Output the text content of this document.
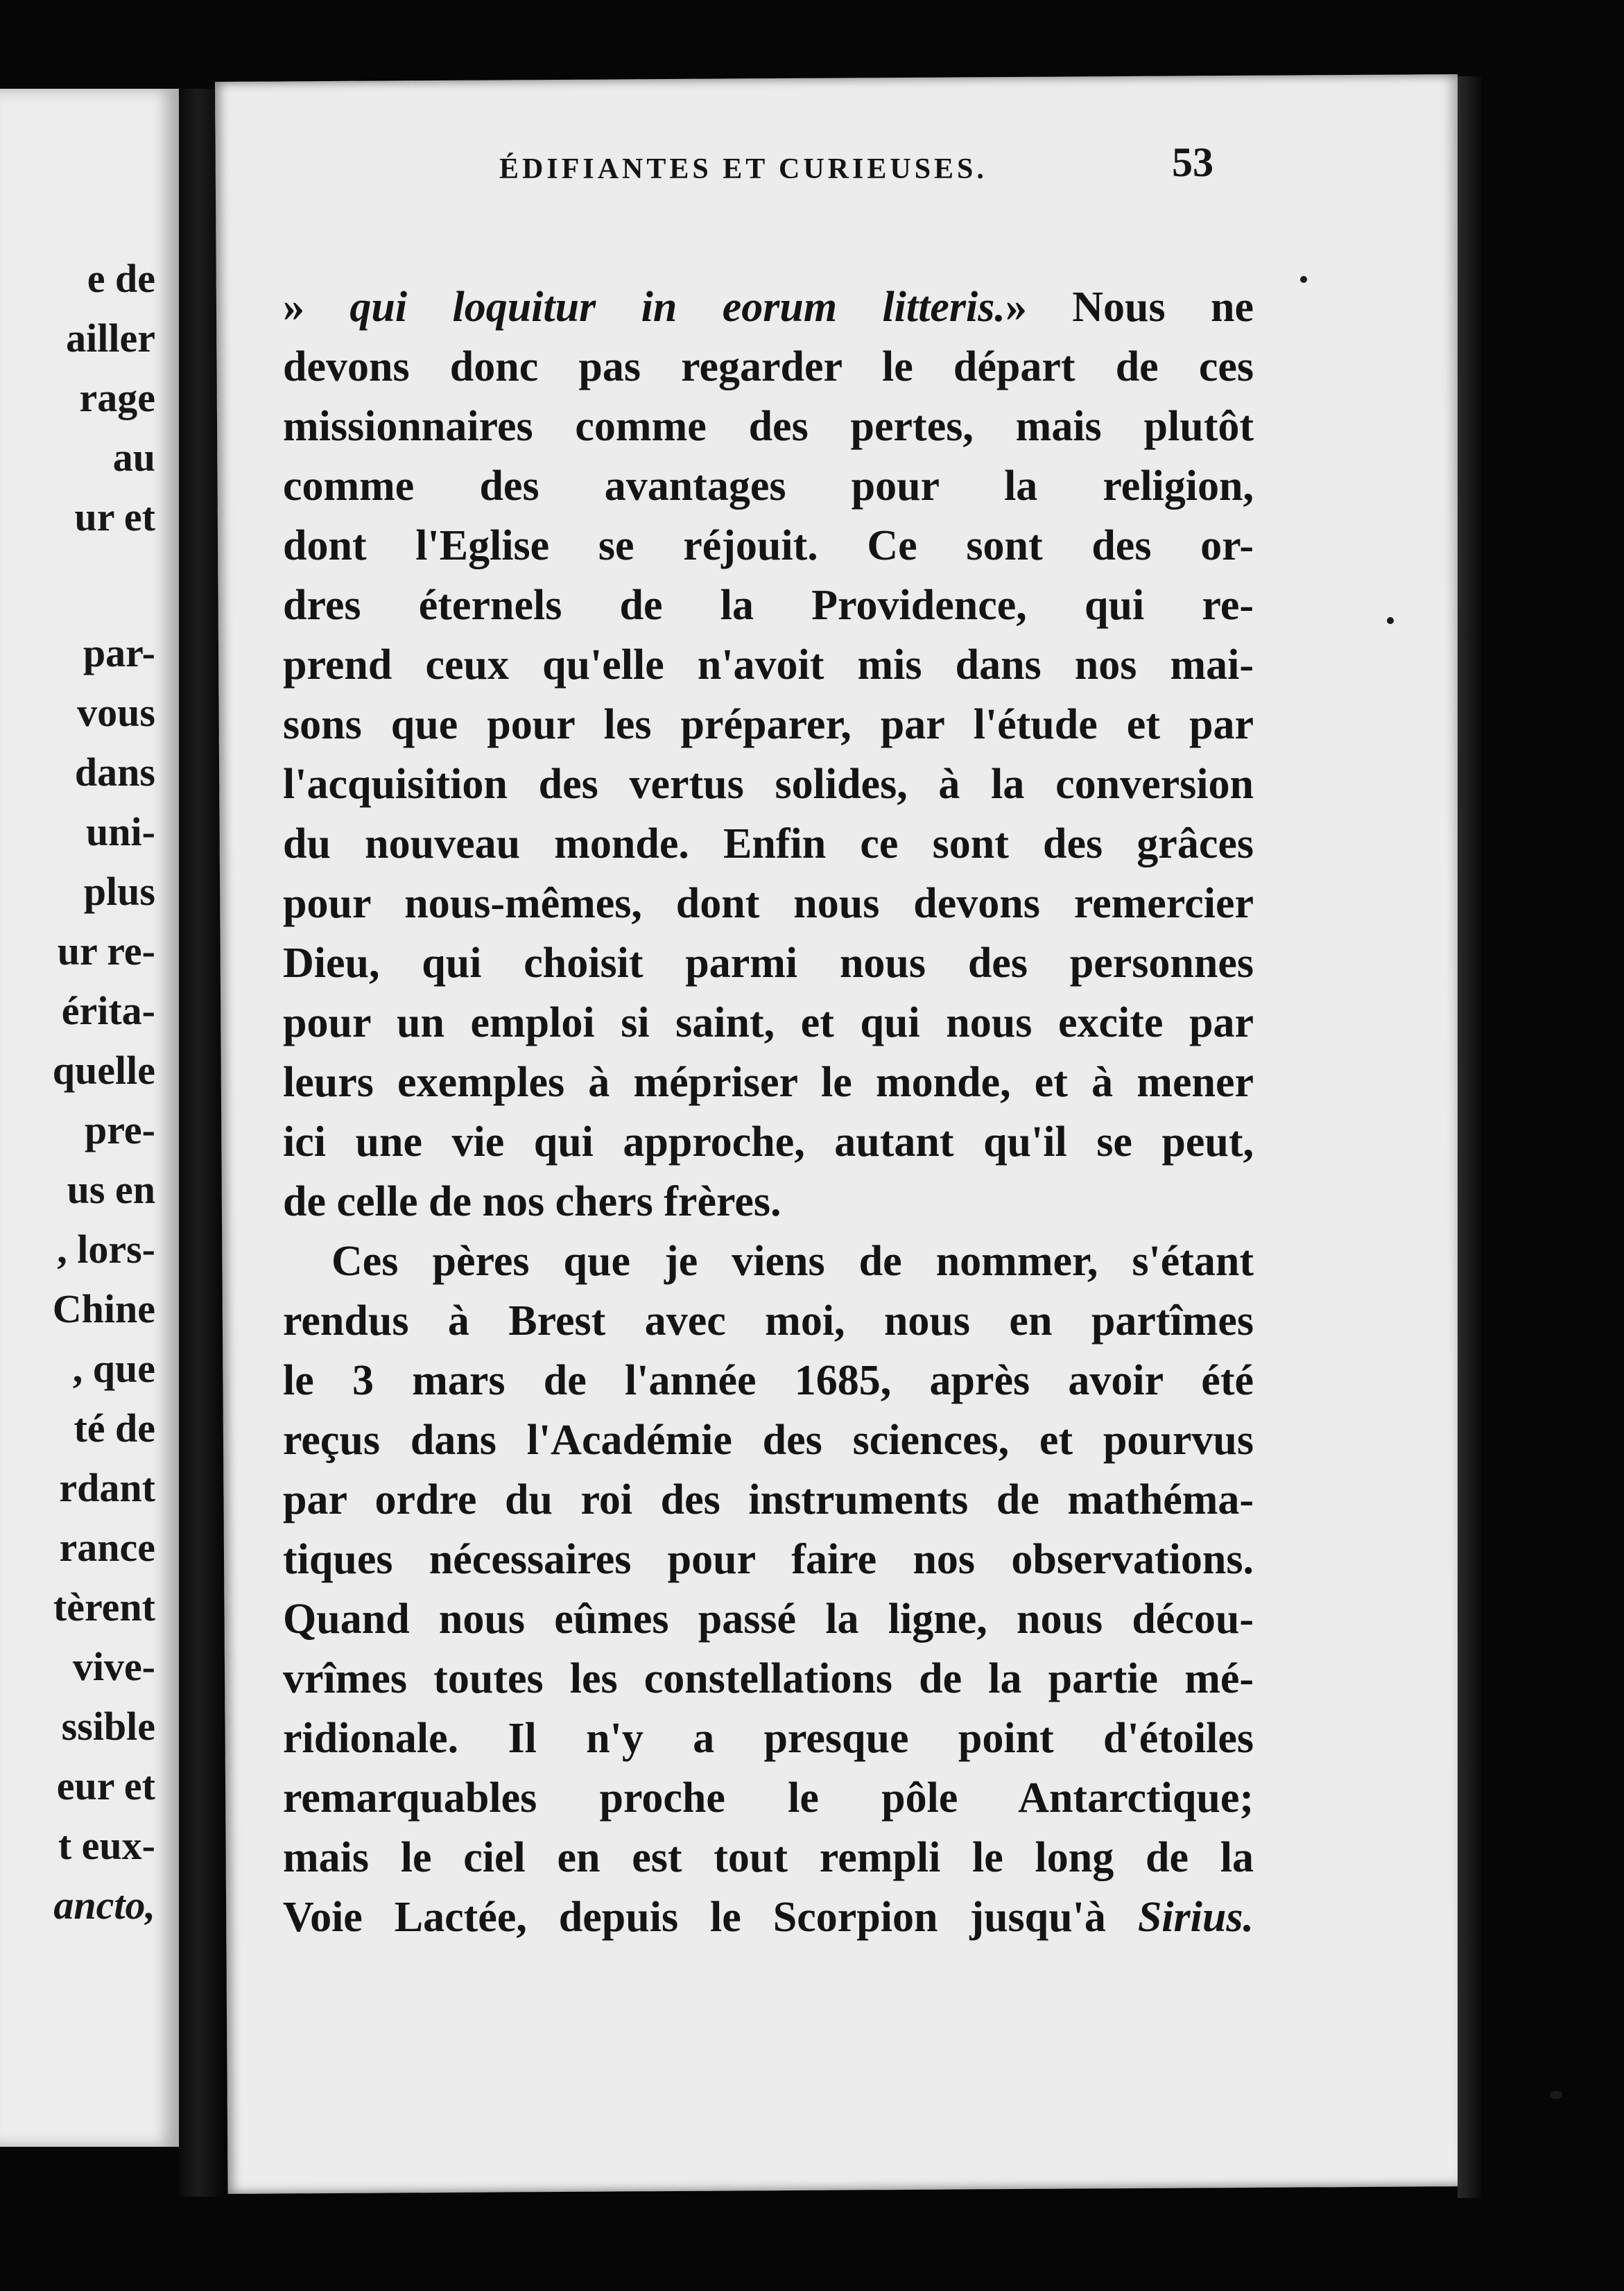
e de
ailler
rage
au
ur et
par-
vous
dans
uni-
plus
ur re-
érita-
quelle
pre-
us en
, lors-
Chine
, que
té de
rdant
rance
tèrent
vive-
ssible
eur et
t eux-
ancto,
ÉDIFIANTES ET CURIEUSES.	53
» qui loquitur in eorum litteris.» Nous ne
devons donc pas regarder le départ de ces
missionnaires comme des pertes, mais plutôt
comme des avantages pour la religion,
dont l'Eglise se réjouit. Ce sont des or-
dres éternels de la Providence, qui re-
prend ceux qu'elle n'avoit mis dans nos mai-
sons que pour les préparer, par l'étude et par
l'acquisition des vertus solides, à la conversion
du nouveau monde. Enfin ce sont des grâces
pour nous-mêmes, dont nous devons remercier
Dieu, qui choisit parmi nous des personnes
pour un emploi si saint, et qui nous excite par
leurs exemples à mépriser le monde, et à mener
ici une vie qui approche, autant qu'il se peut,
de celle de nos chers frères.
Ces pères que je viens de nommer, s'étant
rendus à Brest avec moi, nous en partîmes
le 3 mars de l'année 1685, après avoir été
reçus dans l'Académie des sciences, et pourvus
par ordre du roi des instruments de mathéma-
tiques nécessaires pour faire nos observations.
Quand nous eûmes passé la ligne, nous décou-
vrîmes toutes les constellations de la partie mé-
ridionale. Il n'y a presque point d'étoiles
remarquables proche le pôle Antarctique;
mais le ciel en est tout rempli le long de la
Voie Lactée, depuis le Scorpion jusqu'à Sirius.
